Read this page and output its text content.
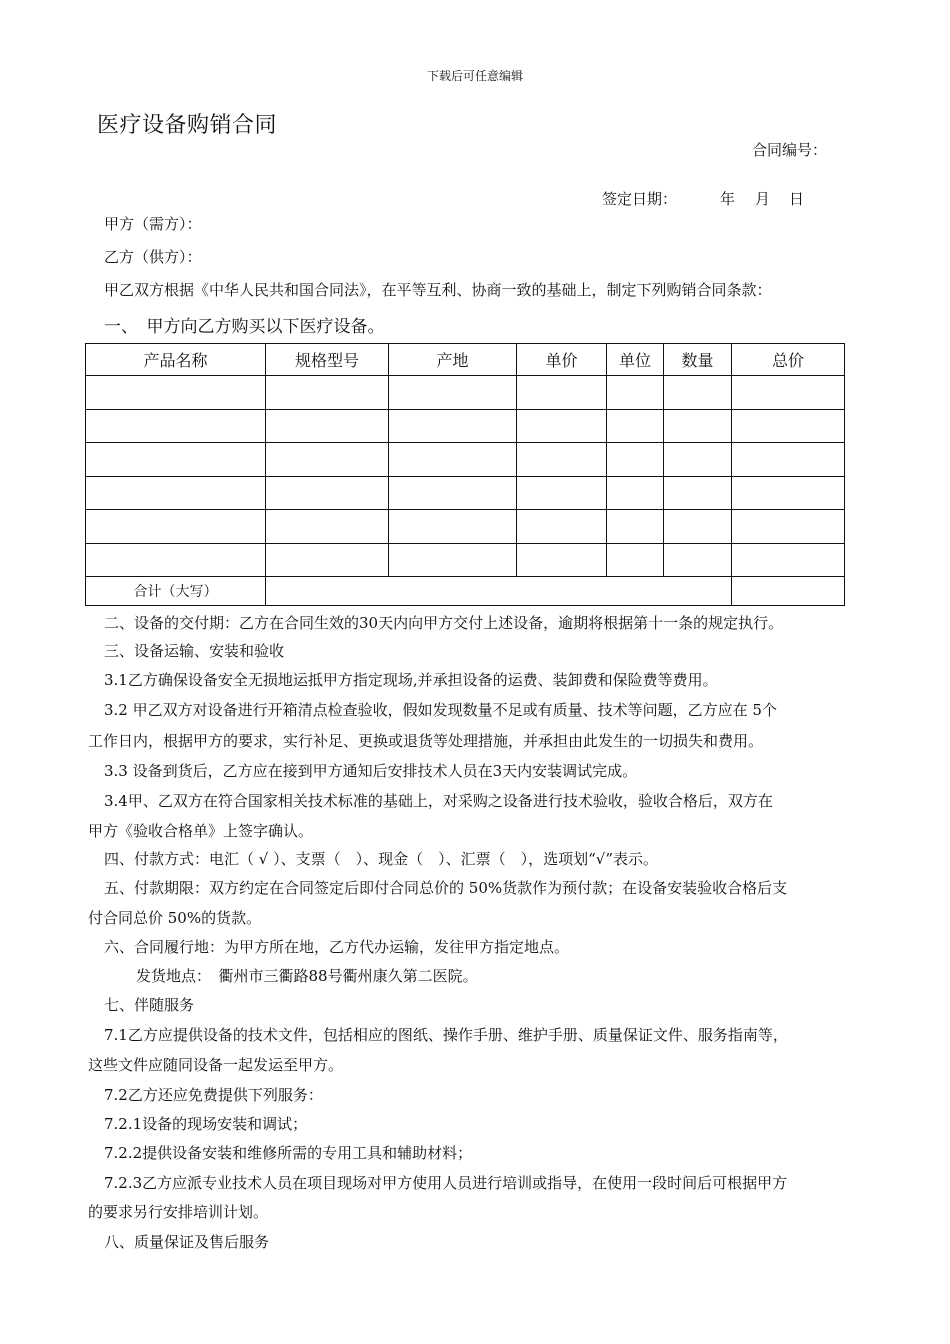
下载后可任意编辑
医疗设备购销合同
合同编号：
签定日期：	年 月 日
甲方（需方）：
乙方（供方）：
甲乙双方根据《中华人民共和国合同法》，在平等互利、协商一致的基础上，制定下列购销合同条款：
一、　甲方向乙方购买以下医疗设备。
产品名称	规格型号	产地	单价	单位	数量	总价

合计（大写）						
二、设备的交付期：乙方在合同生效的30天内向甲方交付上述设备，逾期将根据第十一条的规定执行。
三、设备运输、安装和验收
3.1乙方确保设备安全无损地运抵甲方指定现场,并承担设备的运费、装卸费和保险费等费用。
3.2 甲乙双方对设备进行开箱清点检查验收，假如发现数量不足或有质量、技术等问题，乙方应在 5个
工作日内，根据甲方的要求，实行补足、更换或退货等处理措施，并承担由此发生的一切损失和费用。
3.3 设备到货后，乙方应在接到甲方通知后安排技术人员在3天内安装调试完成。
3.4甲、乙双方在符合国家相关技术标准的基础上，对采购之设备进行技术验收，验收合格后，双方在
甲方《验收合格单》上签字确认。
四、付款方式：电汇（ √ ）、支票（　）、现金（　）、汇票（　），选项划“√”表示。
五、付款期限：双方约定在合同签定后即付合同总价的 50%货款作为预付款；在设备安装验收合格后支
付合同总价 50%的货款。
六、合同履行地：为甲方所在地，乙方代办运输，发往甲方指定地点。
发货地点：　衢州市三衢路88号衢州康久第二医院。
七、伴随服务
7.1乙方应提供设备的技术文件，包括相应的图纸、操作手册、维护手册、质量保证文件、服务指南等，
这些文件应随同设备一起发运至甲方。
7.2乙方还应免费提供下列服务：
7.2.1设备的现场安装和调试；
7.2.2提供设备安装和维修所需的专用工具和辅助材料；
7.2.3乙方应派专业技术人员在项目现场对甲方使用人员进行培训或指导，在使用一段时间后可根据甲方
的要求另行安排培训计划。
八、质量保证及售后服务
